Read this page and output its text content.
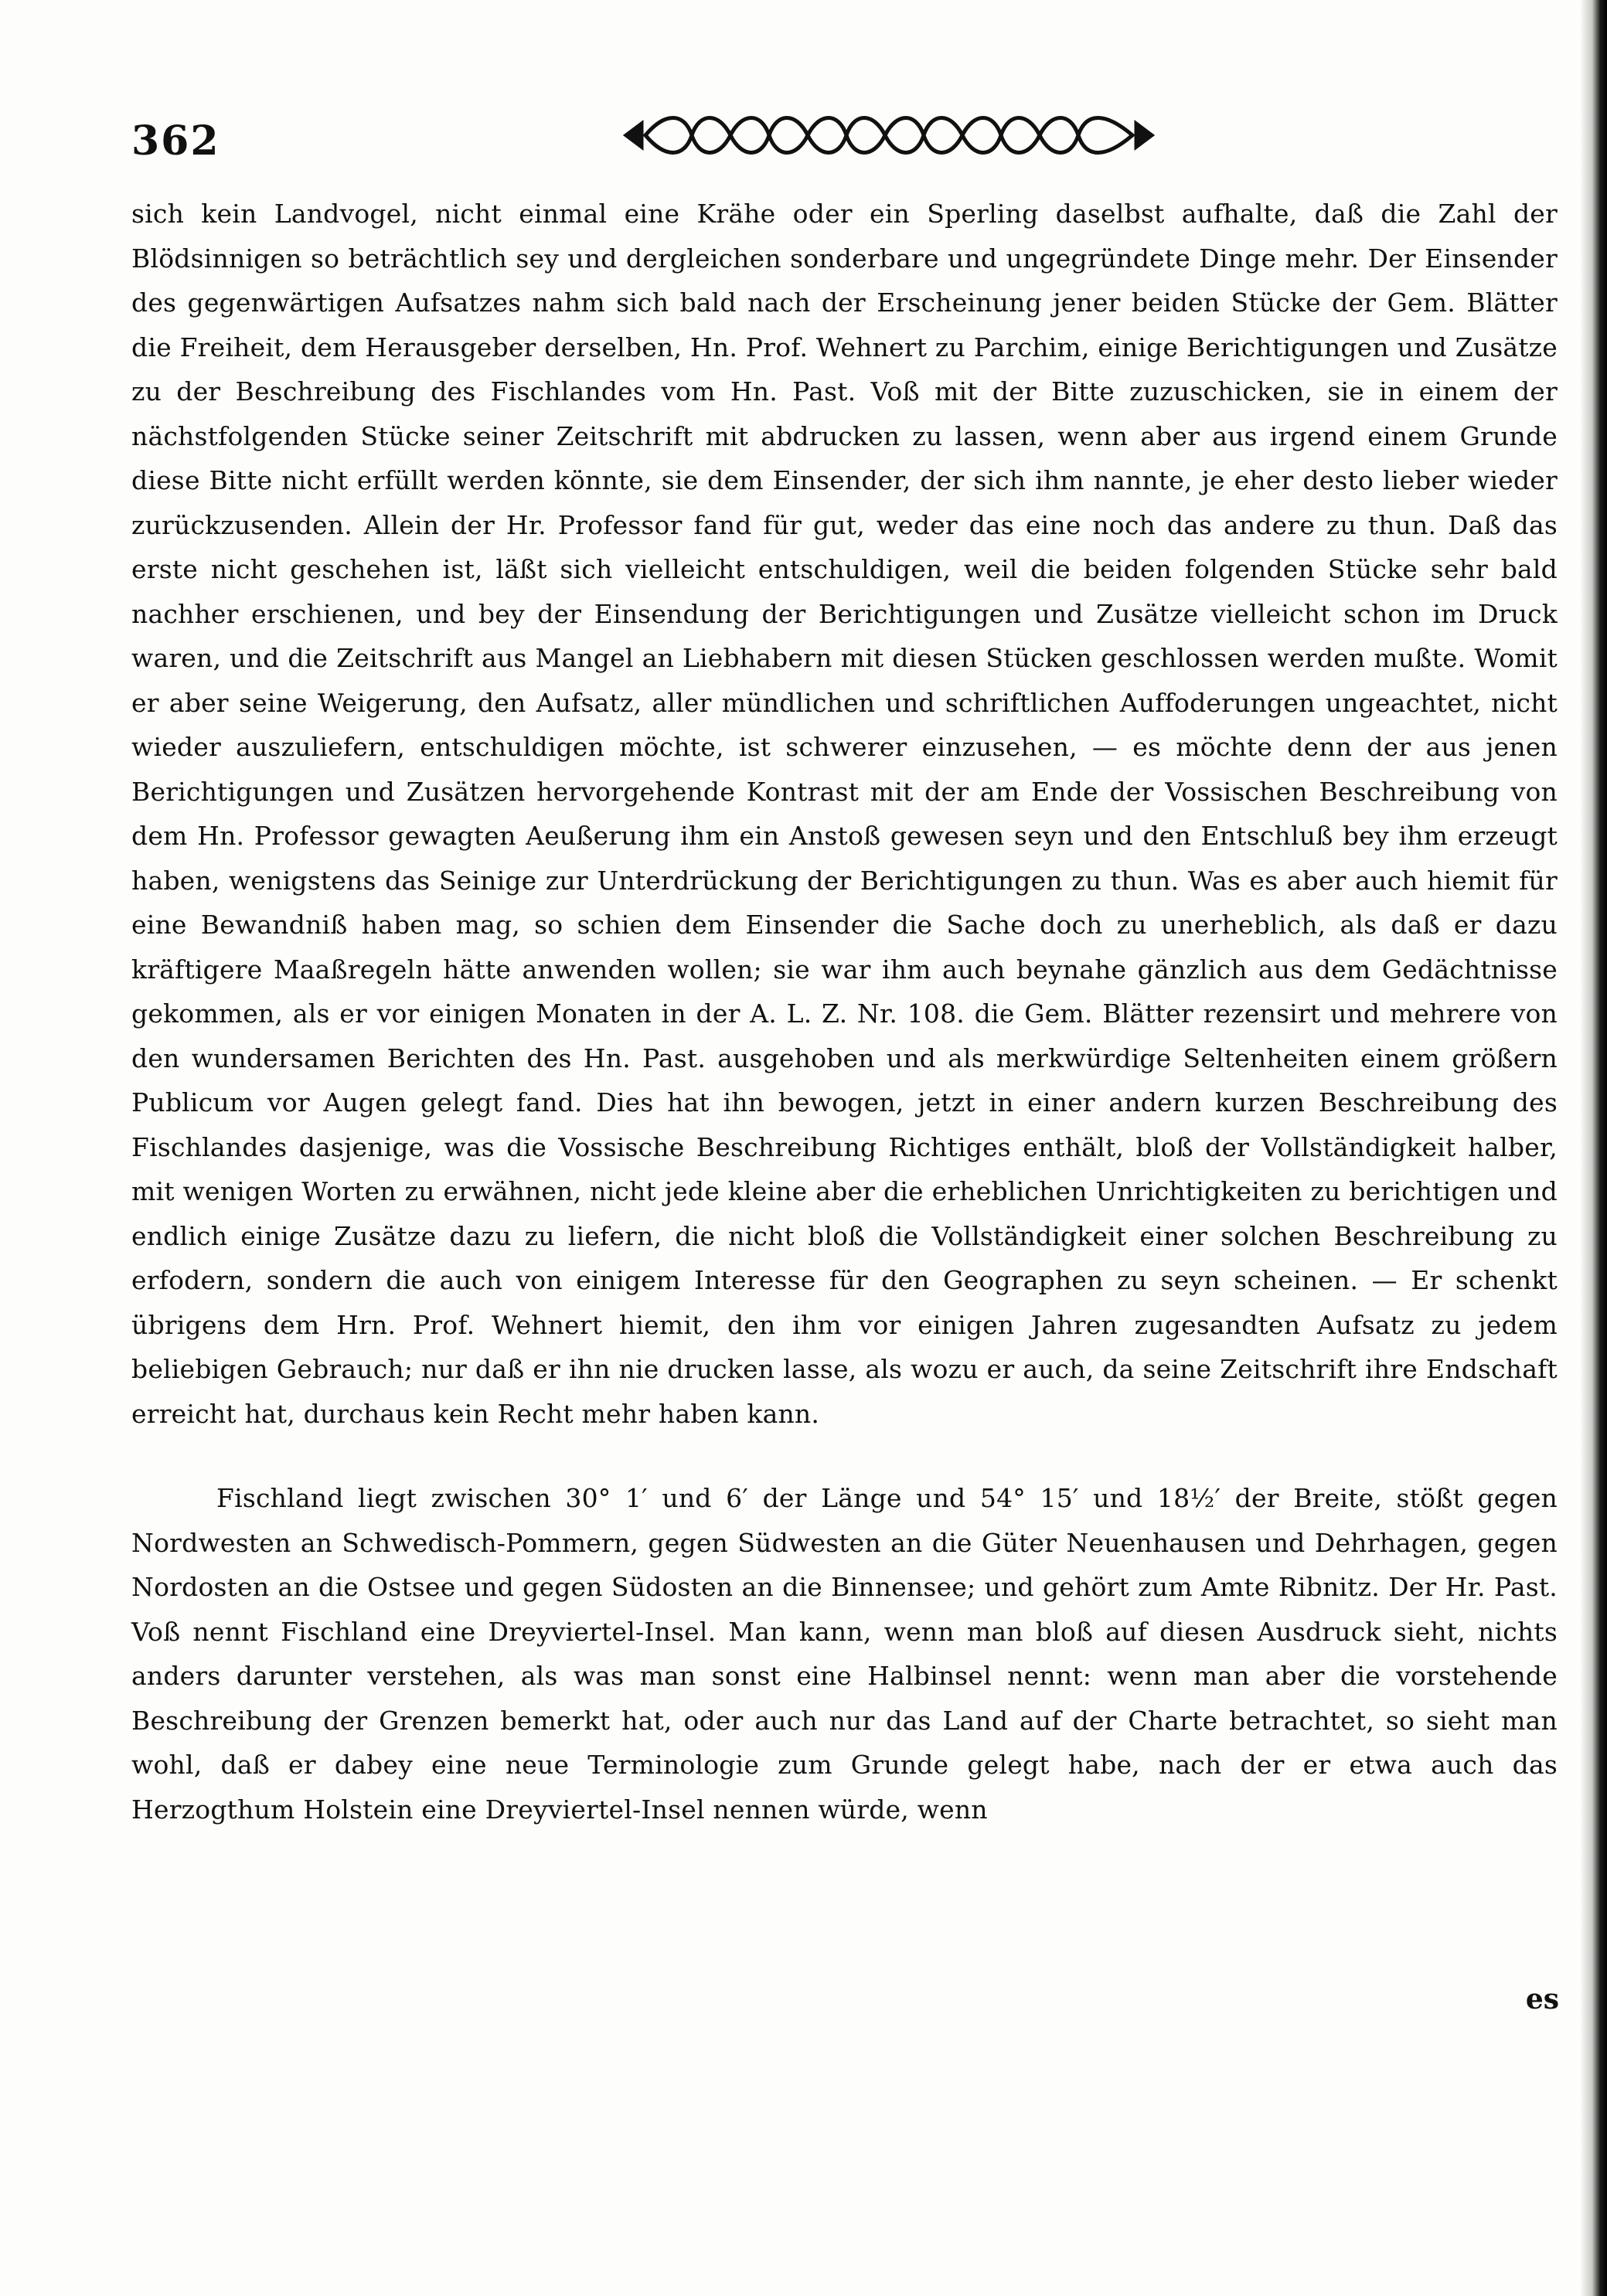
362

sich kein Landvogel, nicht einmal eine Krähe oder ein Sperling daselbst aufhalte, daß die Zahl der Blödsinnigen so beträchtlich sey und dergleichen sonderbare und ungegründete Dinge mehr. Der Einsender des gegenwärtigen Aufsatzes nahm sich bald nach der Erscheinung jener beiden Stücke der Gem. Blätter die Freiheit, dem Herausgeber derselben, Hn. Prof. Wehnert zu Parchim, einige Berichtigungen und Zusätze zu der Beschreibung des Fischlandes vom Hn. Past. Voß mit der Bitte zuzuschicken, sie in einem der nächstfolgenden Stücke seiner Zeitschrift mit abdrucken zu lassen, wenn aber aus irgend einem Grunde diese Bitte nicht erfüllt werden könnte, sie dem Einsender, der sich ihm nannte, je eher desto lieber wieder zurückzusenden. Allein der Hr. Professor fand für gut, weder das eine noch das andere zu thun. Daß das erste nicht geschehen ist, läßt sich vielleicht entschuldigen, weil die beiden folgenden Stücke sehr bald nachher erschienen, und bey der Einsendung der Berichtigungen und Zusätze vielleicht schon im Druck waren, und die Zeitschrift aus Mangel an Liebhabern mit diesen Stücken geschlossen werden mußte. Womit er aber seine Weigerung, den Aufsatz, aller mündlichen und schriftlichen Auffoderungen ungeachtet, nicht wieder auszuliefern, entschuldigen möchte, ist schwerer einzusehen, — es möchte denn der aus jenen Berichtigungen und Zusätzen hervorgehende Kontrast mit der am Ende der Vossischen Beschreibung von dem Hn. Professor gewagten Aeußerung ihm ein Anstoß gewesen seyn und den Entschluß bey ihm erzeugt haben, wenigstens das Seinige zur Unterdrückung der Berichtigungen zu thun. Was es aber auch hiemit für eine Bewandniß haben mag, so schien dem Einsender die Sache doch zu unerheblich, als daß er dazu kräftigere Maaßregeln hätte anwenden wollen; sie war ihm auch beynahe gänzlich aus dem Gedächtnisse gekommen, als er vor einigen Monaten in der A. L. Z. Nr. 108. die Gem. Blätter rezensirt und mehrere von den wundersamen Berichten des Hn. Past. ausgehoben und als merkwürdige Seltenheiten einem größern Publicum vor Augen gelegt fand. Dies hat ihn bewogen, jetzt in einer andern kurzen Beschreibung des Fischlandes dasjenige, was die Vossische Beschreibung Richtiges enthält, bloß der Vollständigkeit halber, mit wenigen Worten zu erwähnen, nicht jede kleine aber die erheblichen Unrichtigkeiten zu berichtigen und endlich einige Zusätze dazu zu liefern, die nicht bloß die Vollständigkeit einer solchen Beschreibung zu erfodern, sondern die auch von einigem Interesse für den Geographen zu seyn scheinen. — Er schenkt übrigens dem Hrn. Prof. Wehnert hiemit, den ihm vor einigen Jahren zugesandten Aufsatz zu jedem beliebigen Gebrauch; nur daß er ihn nie drucken lasse, als wozu er auch, da seine Zeitschrift ihre Endschaft erreicht hat, durchaus kein Recht mehr haben kann.

Fischland liegt zwischen 30° 1′ und 6′ der Länge und 54° 15′ und 18½′ der Breite, stößt gegen Nordwesten an Schwedisch-Pommern, gegen Südwesten an die Güter Neuenhausen und Dehrhagen, gegen Nordosten an die Ostsee und gegen Südosten an die Binnensee; und gehört zum Amte Ribnitz. Der Hr. Past. Voß nennt Fischland eine Dreyviertel-Insel. Man kann, wenn man bloß auf diesen Ausdruck sieht, nichts anders darunter verstehen, als was man sonst eine Halbinsel nennt: wenn man aber die vorstehende Beschreibung der Grenzen bemerkt hat, oder auch nur das Land auf der Charte betrachtet, so sieht man wohl, daß er dabey eine neue Terminologie zum Grunde gelegt habe, nach der er etwa auch das Herzogthum Holstein eine Dreyviertel-Insel nennen würde, wenn

es
